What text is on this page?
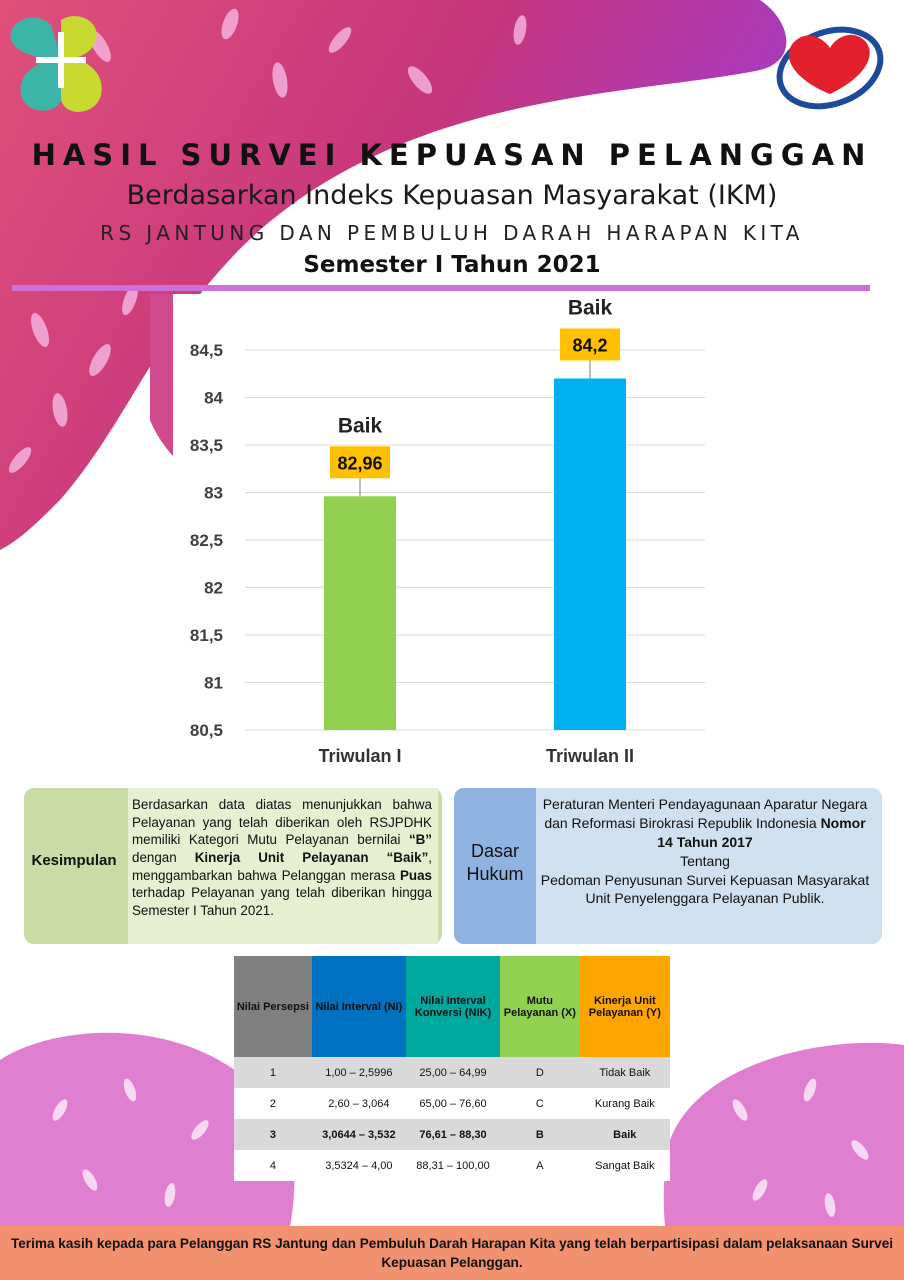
HASIL SURVEI KEPUASAN PELANGGAN
Berdasarkan Indeks Kepuasan Masyarakat (IKM)
RS JANTUNG DAN PEMBULUH DARAH HARAPAN KITA
Semester I Tahun 2021
80,5
81
81,5
82
82,5
83
83,5
84
84,5
82,96
Baik
Triwulan I
84,2
Baik
Triwulan II
Kesimpulan
Berdasarkan data diatas menunjukkan bahwa Pelayanan yang telah diberikan oleh RSJPDHK memiliki Kategori Mutu Pelayanan bernilai “B” dengan Kinerja Unit Pelayanan “Baik”, menggambarkan bahwa Pelanggan merasa Puas terhadap Pelayanan yang telah diberikan hingga Semester I Tahun 2021.
Dasar
Hukum
Peraturan Menteri Pendayagunaan Aparatur Negara dan Reformasi Birokrasi Republik Indonesia Nomor 14 Tahun 2017
Tentang
Pedoman Penyusunan Survei Kepuasan Masyarakat Unit Penyelenggara Pelayanan Publik.
Nilai Persepsi	Nilai Interval (NI)	Nilai Interval Konversi (NIK)	Mutu Pelayanan (X)	Kinerja Unit Pelayanan (Y)
1	1,00 – 2,5996	25,00 – 64,99	D	Tidak Baik
2	2,60 – 3,064	65,00 – 76,60	C	Kurang Baik
3	3,0644 – 3,532	76,61 – 88,30	B	Baik
4	3,5324 – 4,00	88,31 – 100,00	A	Sangat Baik
Terima kasih kepada para Pelanggan RS Jantung dan Pembuluh Darah Harapan Kita yang telah berpartisipasi dalam pelaksanaan Survei Kepuasan Pelanggan.
